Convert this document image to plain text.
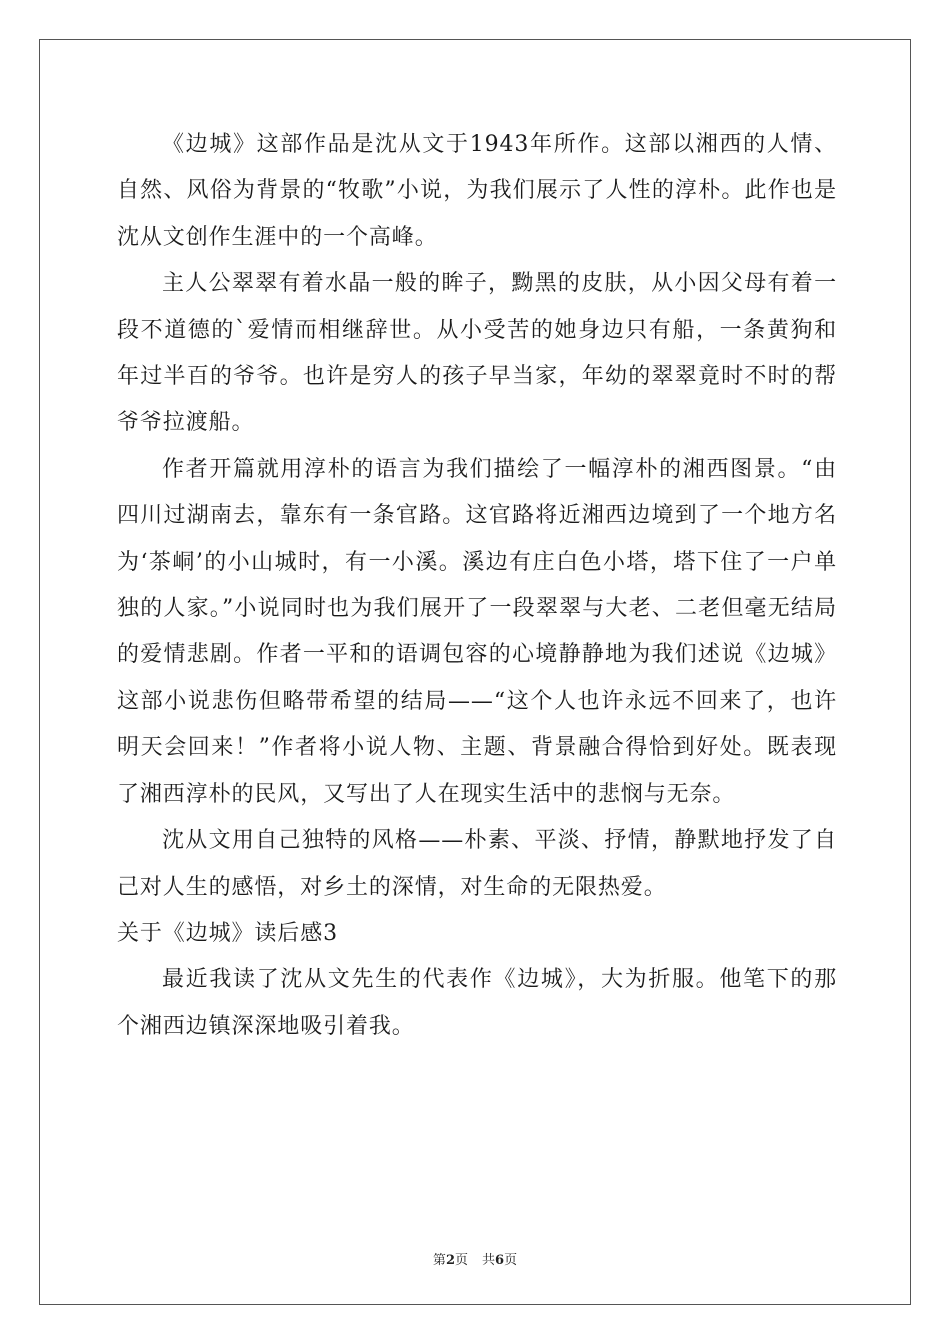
《边城》这部作品是沈从文于1943年所作。这部以湘西的人情、自然、风俗为背景的“牧歌”小说，为我们展示了人性的淳朴。此作也是沈从文创作生涯中的一个高峰。

主人公翠翠有着水晶一般的眸子，黝黑的皮肤，从小因父母有着一段不道德的`爱情而相继辞世。从小受苦的她身边只有船，一条黄狗和年过半百的爷爷。也许是穷人的孩子早当家，年幼的翠翠竟时不时的帮爷爷拉渡船。

作者开篇就用淳朴的语言为我们描绘了一幅淳朴的湘西图景。“由四川过湖南去，靠东有一条官路。这官路将近湘西边境到了一个地方名为‘茶峒’的小山城时，有一小溪。溪边有庄白色小塔，塔下住了一户单独的人家。”小说同时也为我们展开了一段翠翠与大老、二老但毫无结局的爱情悲剧。作者一平和的语调包容的心境静静地为我们述说《边城》这部小说悲伤但略带希望的结局——“这个人也许永远不回来了，也许明天会回来！”作者将小说人物、主题、背景融合得恰到好处。既表现了湘西淳朴的民风，又写出了人在现实生活中的悲悯与无奈。

沈从文用自己独特的风格——朴素、平淡、抒情，静默地抒发了自己对人生的感悟，对乡土的深情，对生命的无限热爱。

关于《边城》读后感3

最近我读了沈从文先生的代表作《边城》，大为折服。他笔下的那个湘西边镇深深地吸引着我。

第2页 共6页
